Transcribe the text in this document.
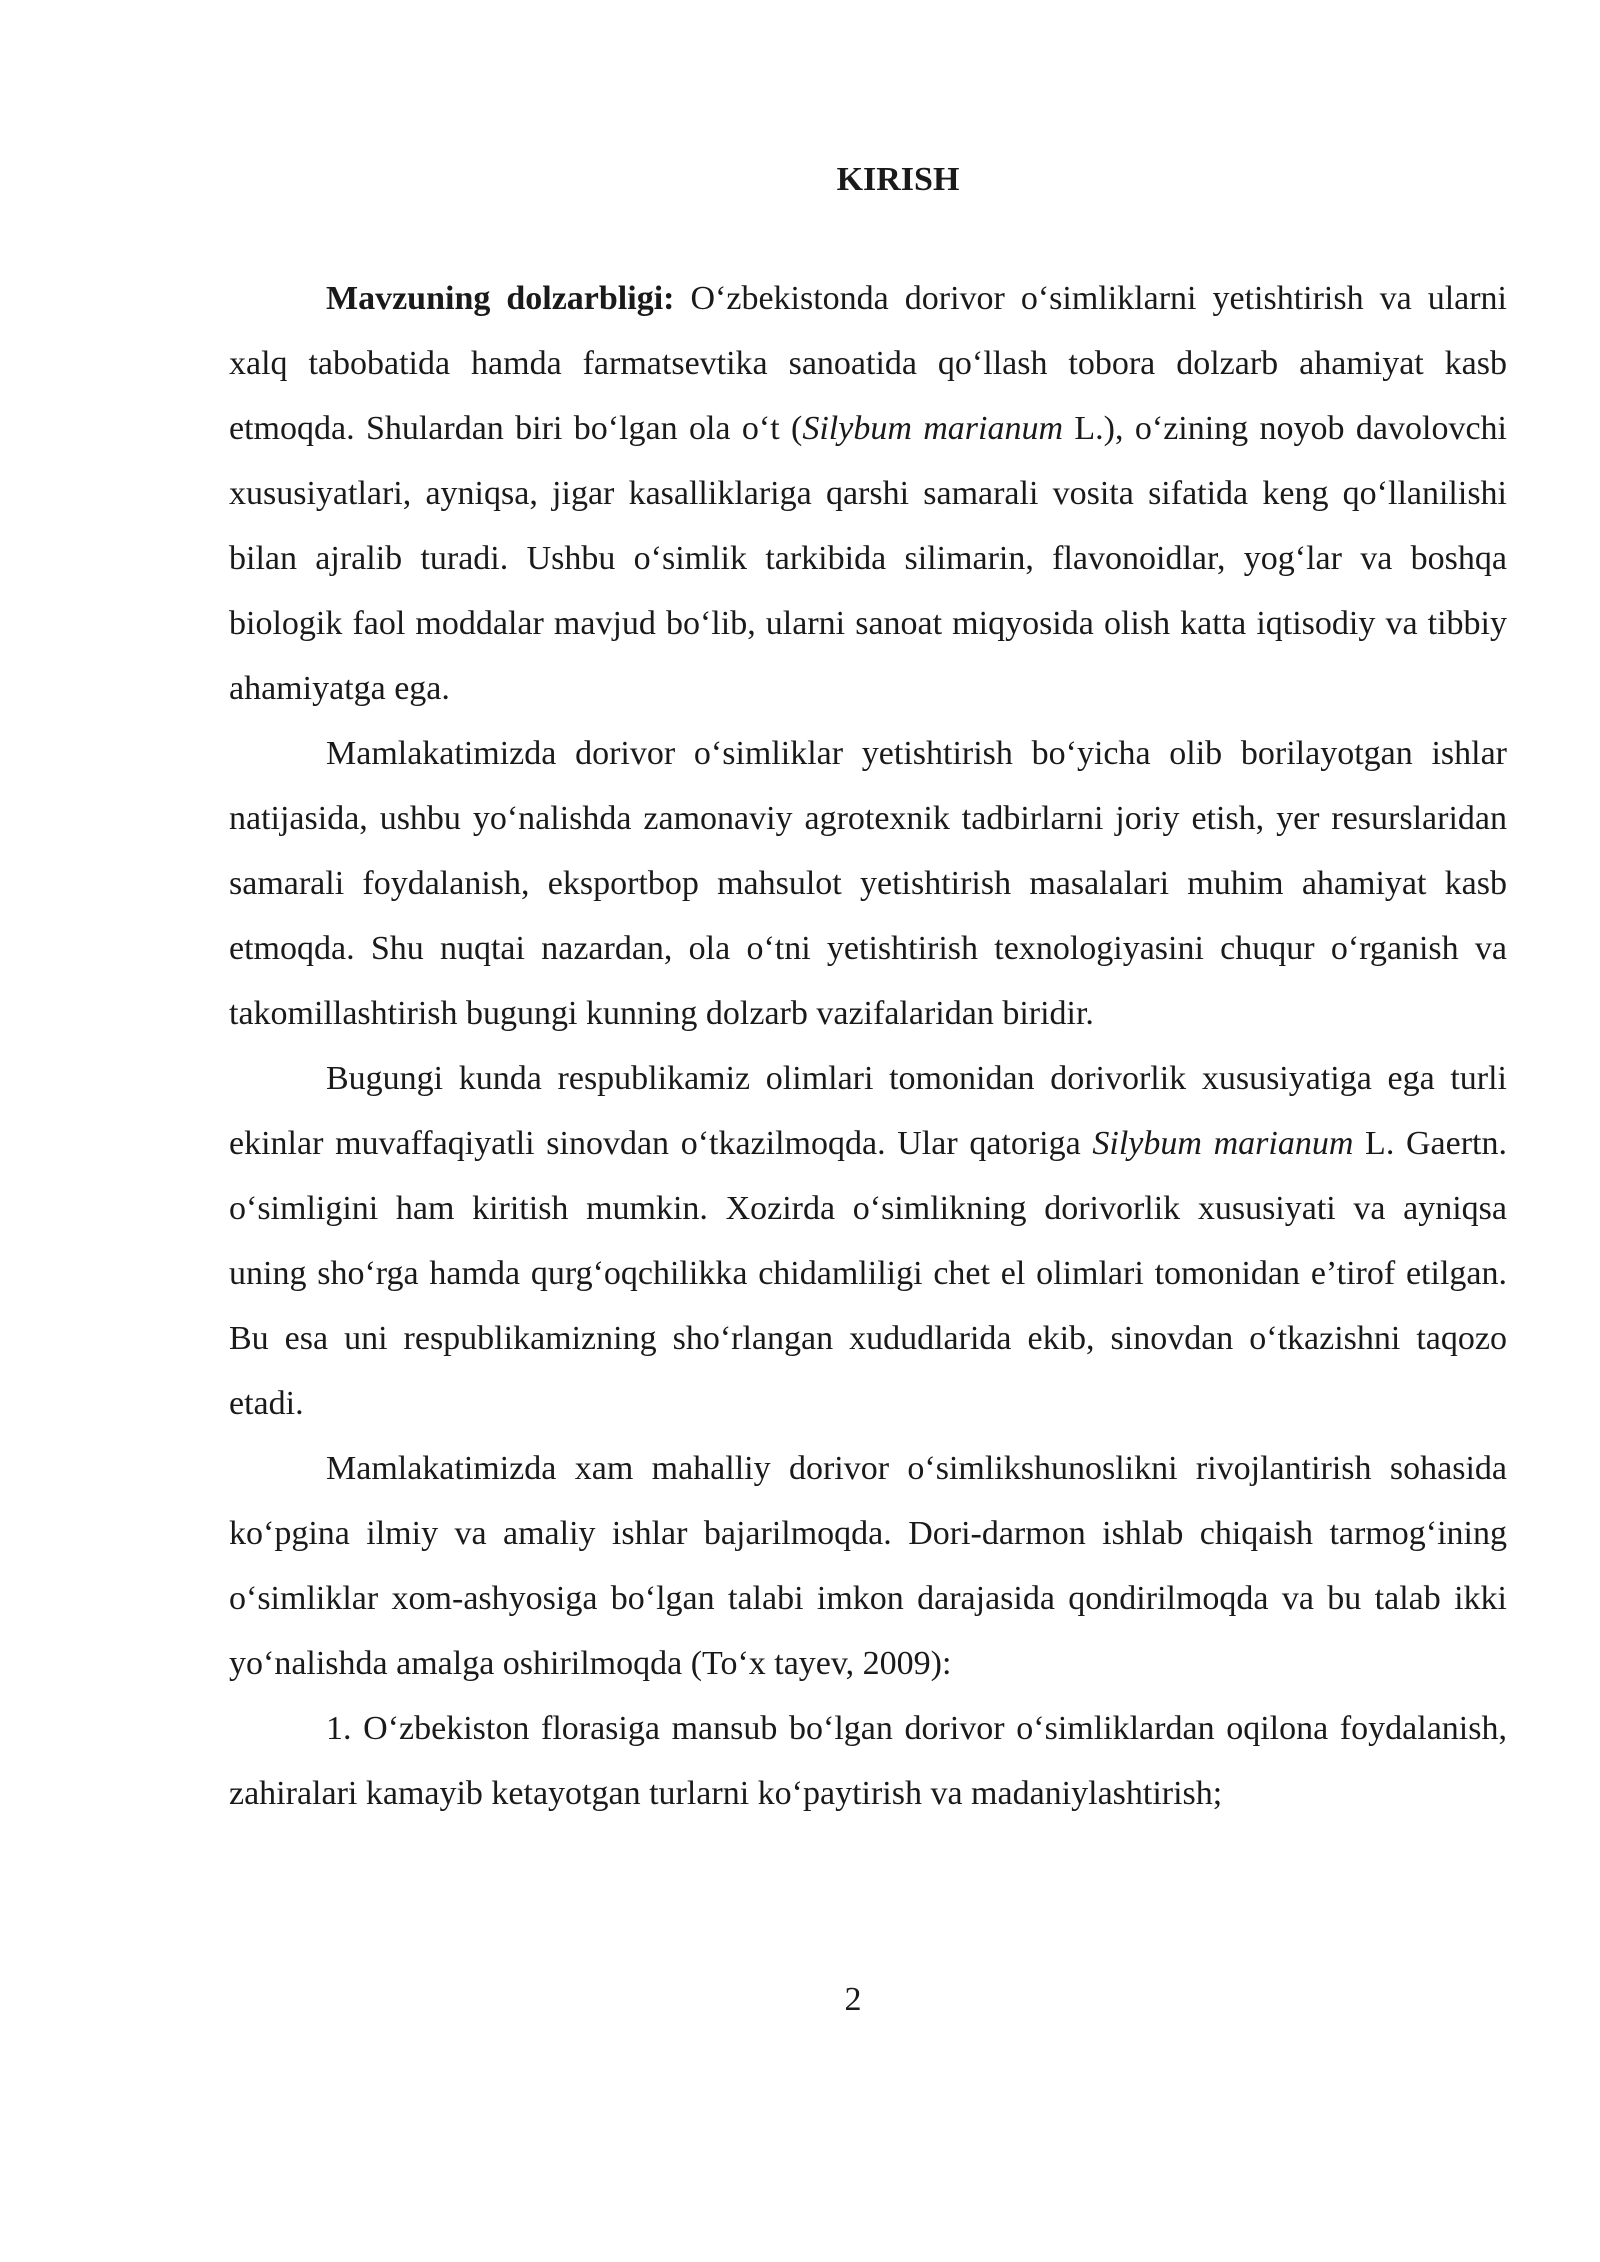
KIRISH

Mavzuning dolzarbligi: O‘zbekistonda dorivor o‘simliklarni yetishtirish va ularni xalq tabobatida hamda farmatsevtika sanoatida qo‘llash tobora dolzarb ahamiyat kasb etmoqda. Shulardan biri bo‘lgan ola o‘t (Silybum marianum L.), o‘zining noyob davolovchi xususiyatlari, ayniqsa, jigar kasalliklariga qarshi samarali vosita sifatida keng qo‘llanilishi bilan ajralib turadi. Ushbu o‘simlik tarkibida silimarin, flavonoidlar, yog‘lar va boshqa biologik faol moddalar mavjud bo‘lib, ularni sanoat miqyosida olish katta iqtisodiy va tibbiy ahamiyatga ega.

Mamlakatimizda dorivor o‘simliklar yetishtirish bo‘yicha olib borilayotgan ishlar natijasida, ushbu yo‘nalishda zamonaviy agrotexnik tadbirlarni joriy etish, yer resurslaridan samarali foydalanish, eksportbop mahsulot yetishtirish masalalari muhim ahamiyat kasb etmoqda. Shu nuqtai nazardan, ola o‘tni yetishtirish texnologiyasini chuqur o‘rganish va takomillashtirish bugungi kunning dolzarb vazifalaridan biridir.

Bugungi kunda respublikamiz olimlari tomonidan dorivorlik xususiyatiga ega turli ekinlar muvaffaqiyatli sinovdan o‘tkazilmoqda. Ular qatoriga Silybum marianum L. Gaertn. o‘simligini ham kiritish mumkin. Xozirda o‘simlikning dorivorlik xususiyati va ayniqsa uning sho‘rga hamda qurg‘oqchilikka chidamliligi chet el olimlari tomonidan e’tirof etilgan. Bu esa uni respublikamizning sho‘rlangan xududlarida ekib, sinovdan o‘tkazishni taqozo etadi.

Mamlakatimizda xam mahalliy dorivor o‘simlikshunoslikni rivojlantirish sohasida ko‘pgina ilmiy va amaliy ishlar bajarilmoqda. Dori-darmon ishlab chiqaish tarmog‘ining o‘simliklar xom-ashyosiga bo‘lgan talabi imkon darajasida qondirilmoqda va bu talab ikki yo‘nalishda amalga oshirilmoqda (To‘x tayev, 2009):

1. O‘zbekiston florasiga mansub bo‘lgan dorivor o‘simliklardan oqilona foydalanish, zahiralari kamayib ketayotgan turlarni ko‘paytirish va madaniylashtirish;

2
